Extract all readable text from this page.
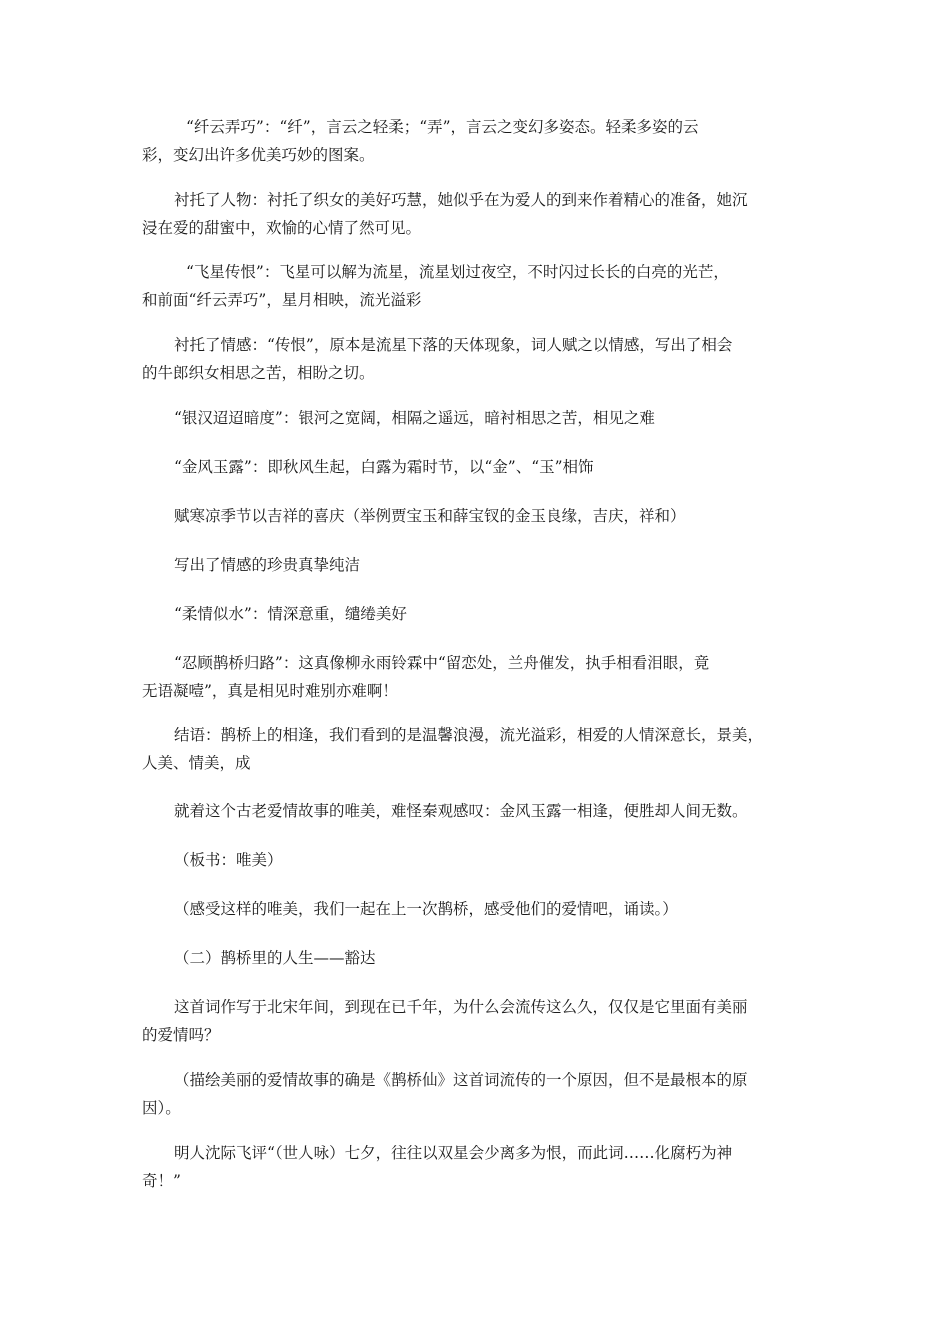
“纤云弄巧”：“纤”，言云之轻柔；“弄”，言云之变幻多姿态。轻柔多姿的云
彩，变幻出许多优美巧妙的图案。

衬托了人物：衬托了织女的美好巧慧，她似乎在为爱人的到来作着精心的准备，她沉
浸在爱的甜蜜中，欢愉的心情了然可见。

“飞星传恨”：飞星可以解为流星，流星划过夜空，不时闪过长长的白亮的光芒，
和前面“纤云弄巧”，星月相映，流光溢彩

衬托了情感：“传恨”，原本是流星下落的天体现象，词人赋之以情感，写出了相会
的牛郎织女相思之苦，相盼之切。

“银汉迢迢暗度”：银河之宽阔，相隔之遥远，暗衬相思之苦，相见之难

“金风玉露”：即秋风生起，白露为霜时节，以“金”、“玉”相饰

赋寒凉季节以吉祥的喜庆（举例贾宝玉和薛宝钗的金玉良缘，吉庆，祥和）

写出了情感的珍贵真挚纯洁

“柔情似水”：情深意重，缱绻美好

“忍顾鹊桥归路”：这真像柳永雨铃霖中“留恋处，兰舟催发，执手相看泪眼，竟
无语凝噎”，真是相见时难别亦难啊！

结语：鹊桥上的相逢，我们看到的是温馨浪漫，流光溢彩，相爱的人情深意长，景美，
人美、情美，成

就着这个古老爱情故事的唯美，难怪秦观感叹：金风玉露一相逢，便胜却人间无数。

（板书：唯美）

（感受这样的唯美，我们一起在上一次鹊桥，感受他们的爱情吧，诵读。）

（二）鹊桥里的人生——豁达

这首词作写于北宋年间，到现在已千年，为什么会流传这么久，仅仅是它里面有美丽
的爱情吗？

（描绘美丽的爱情故事的确是《鹊桥仙》这首词流传的一个原因，但不是最根本的原
因）。

明人沈际飞评“（世人咏）七夕，往往以双星会少离多为恨，而此词……化腐朽为神
奇！”
